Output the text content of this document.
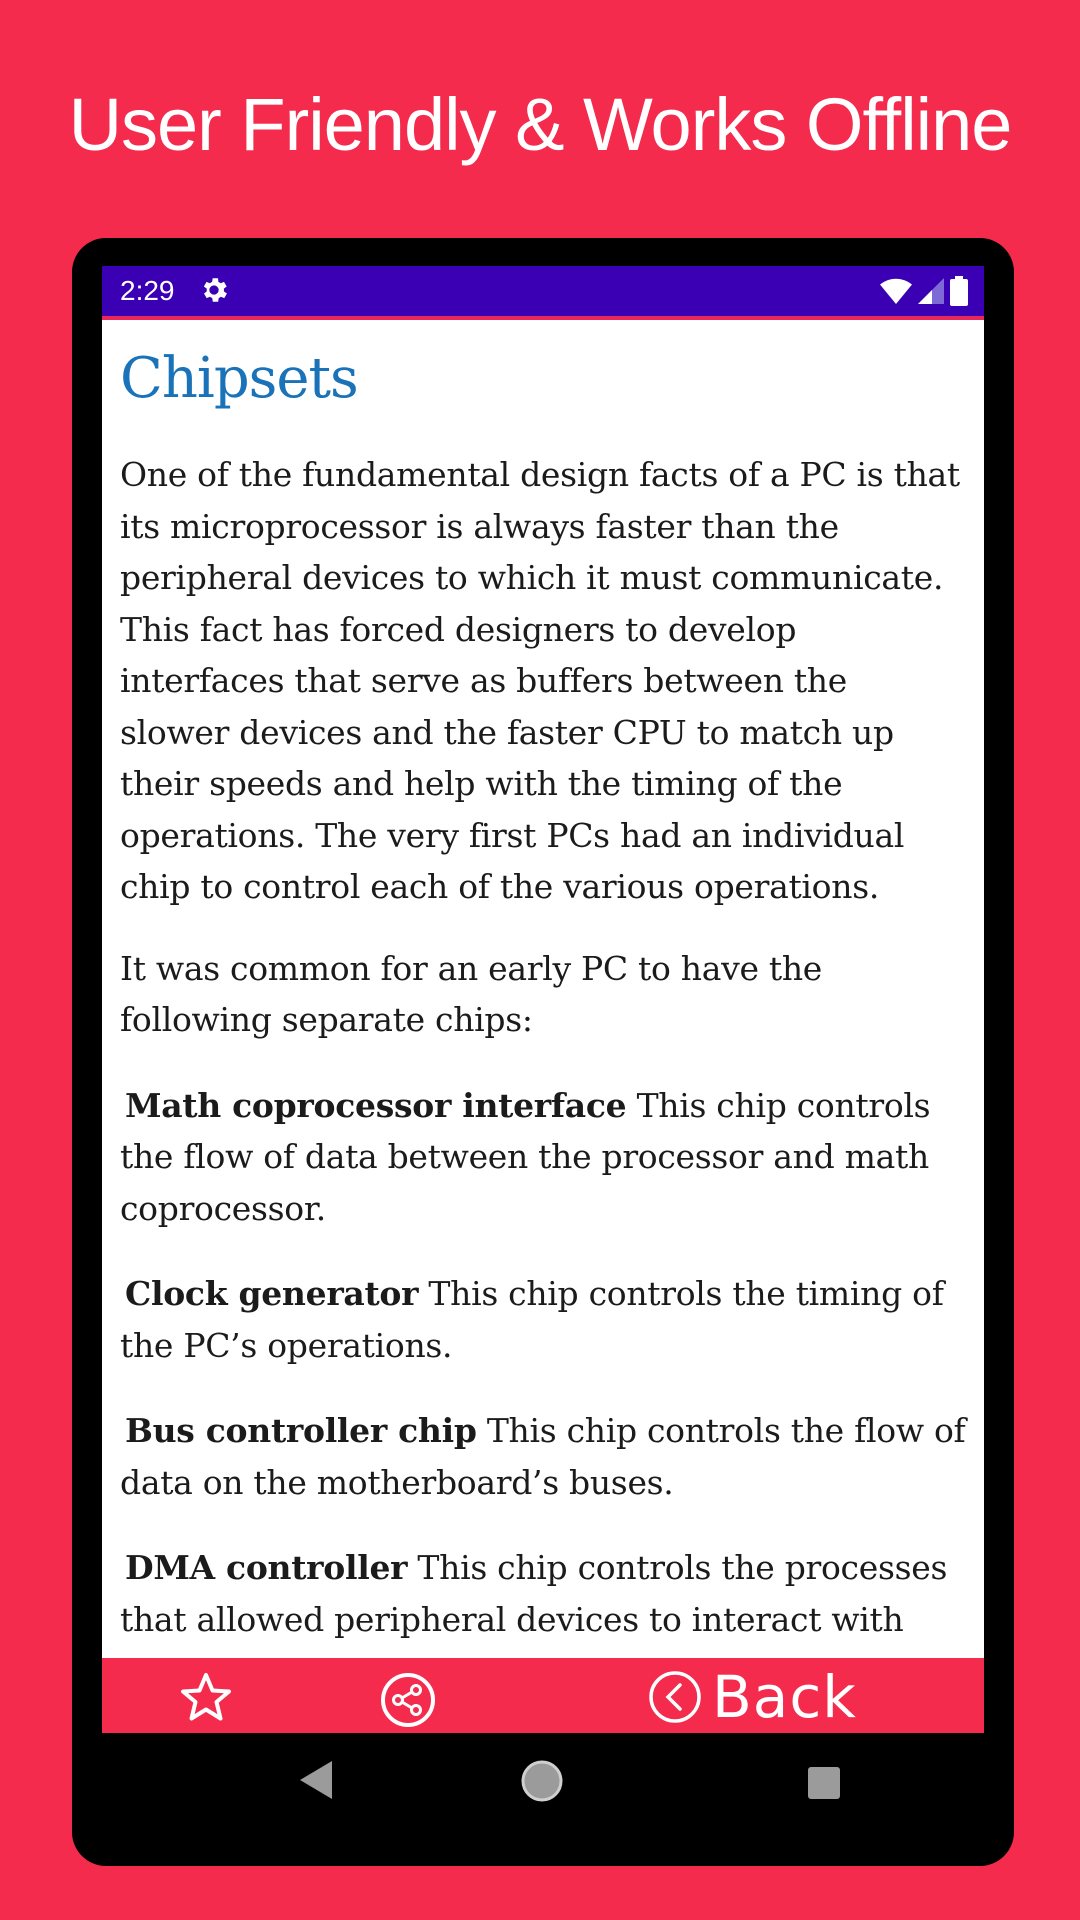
User Friendly & Works Offline
2:29
Chipsets

One of the fundamental design facts of a PC is that its microprocessor is always faster than the peripheral devices to which it must communicate. This fact has forced designers to develop interfaces that serve as buffers between the slower devices and the faster CPU to match up their speeds and help with the timing of the operations. The very first PCs had an individual chip to control each of the various operations.

It was common for an early PC to have the following separate chips:

Math coprocessor interface This chip controls the flow of data between the processor and math coprocessor.

Clock generator This chip controls the timing of the PC’s operations.

Bus controller chip This chip controls the flow of data on the motherboard’s buses.

DMA controller This chip controls the processes that allowed peripheral devices to interact with

Back
